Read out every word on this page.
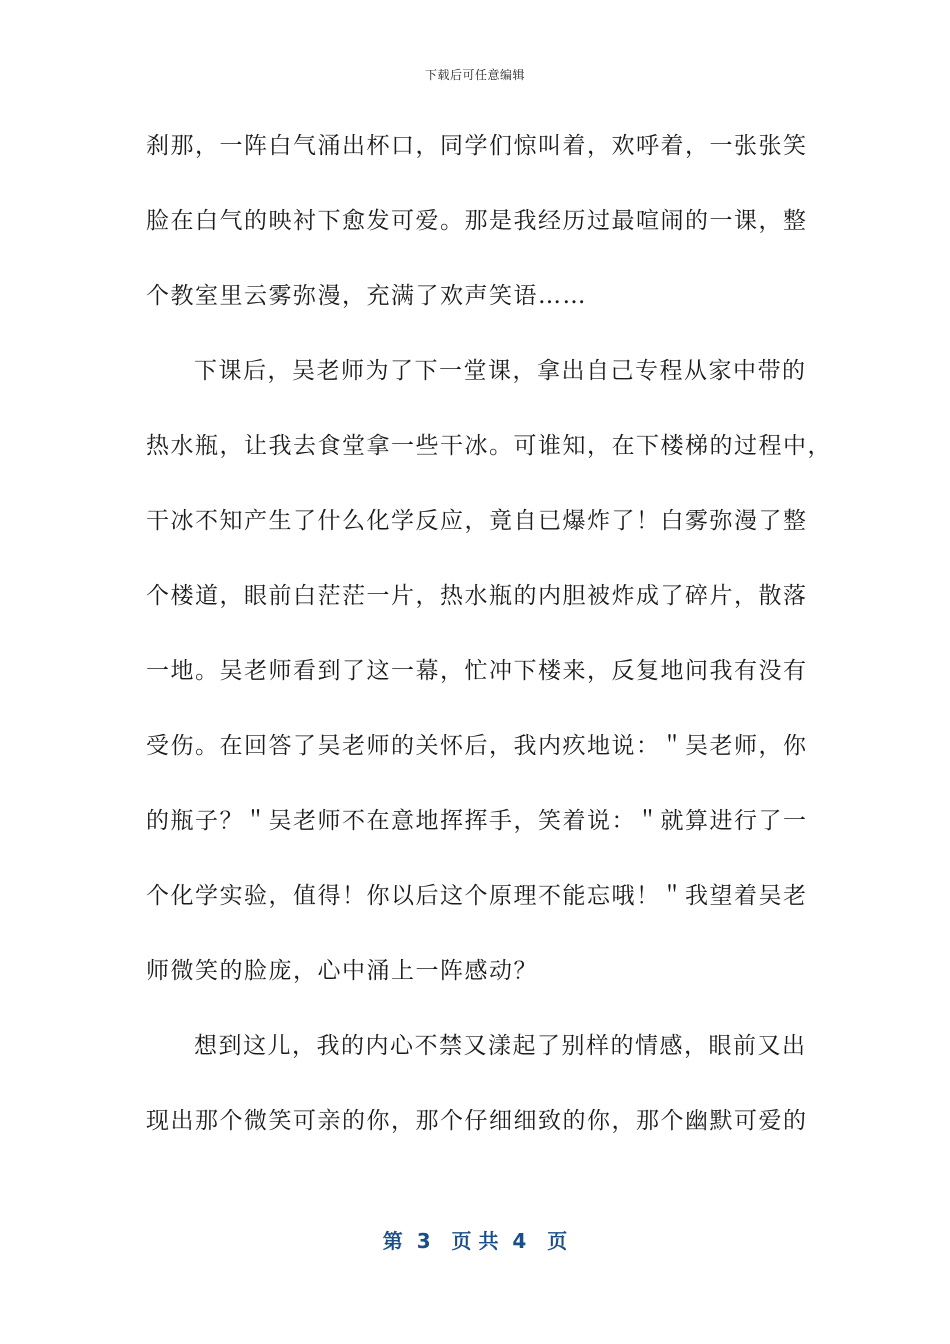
下载后可任意编辑
刹那，一阵白气涌出杯口，同学们惊叫着，欢呼着，一张张笑
脸在白气的映衬下愈发可爱。那是我经历过最喧闹的一课，整
个教室里云雾弥漫，充满了欢声笑语……
下课后，吴老师为了下一堂课，拿出自己专程从家中带的
热水瓶，让我去食堂拿一些干冰。可谁知，在下楼梯的过程中，
干冰不知产生了什么化学反应，竟自已爆炸了！白雾弥漫了整
个楼道，眼前白茫茫一片，热水瓶的内胆被炸成了碎片，散落
一地。吴老师看到了这一幕，忙冲下楼来，反复地问我有没有
受伤。在回答了吴老师的关怀后，我内疚地说：＂吴老师，你
的瓶子？＂吴老师不在意地挥挥手，笑着说：＂就算进行了一
个化学实验，值得！你以后这个原理不能忘哦！＂我望着吴老
师微笑的脸庞，心中涌上一阵感动？
想到这儿，我的内心不禁又漾起了别样的情感，眼前又出
现出那个微笑可亲的你，那个仔细细致的你，那个幽默可爱的
第  3   页 共  4   页
